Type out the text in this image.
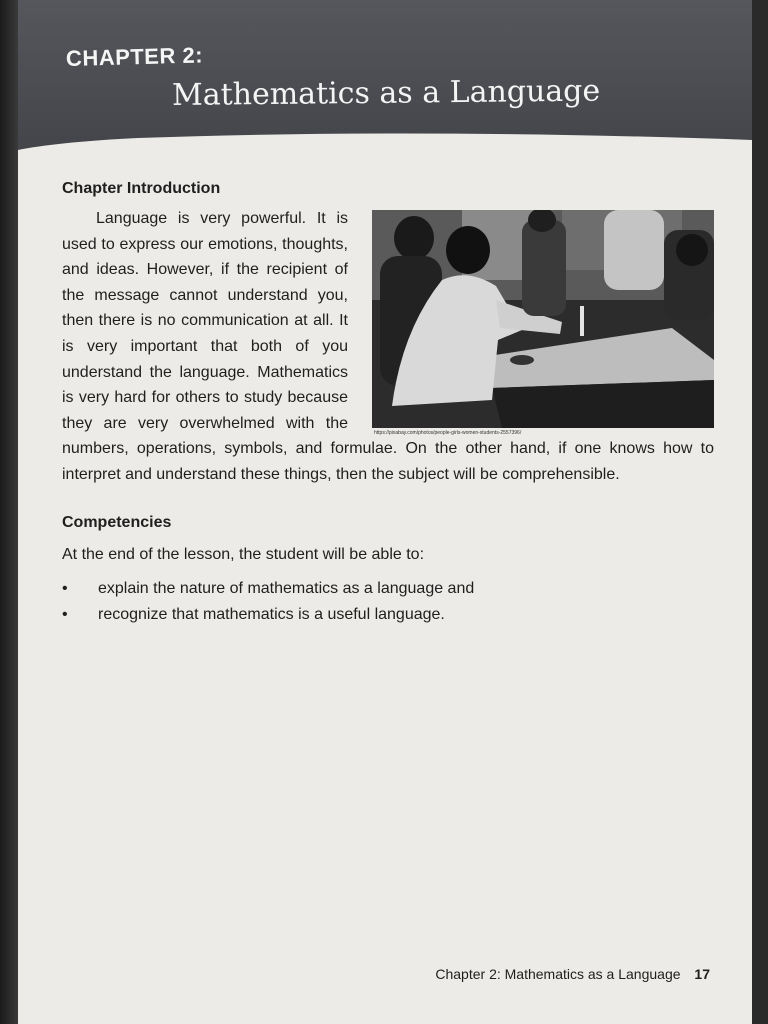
CHAPTER 2:
Mathematics as a Language
Chapter Introduction
https://pixabay.com/photos/people-girls-women-students-2557396/

Language is very powerful. It is used to express our emotions, thoughts, and ideas. However, if the recipient of the message cannot understand you, then there is no communication at all. It is very important that both of you understand the language. Mathematics is very hard for others to study because they are very overwhelmed with the numbers, operations, symbols, and formulae. On the other hand, if one knows how to interpret and understand these things, then the subject will be comprehensible.

Competencies
At the end of the lesson, the student will be able to:
• explain the nature of mathematics as a language and
• recognize that mathematics is a useful language.
Chapter 2: Mathematics as a Language 17
